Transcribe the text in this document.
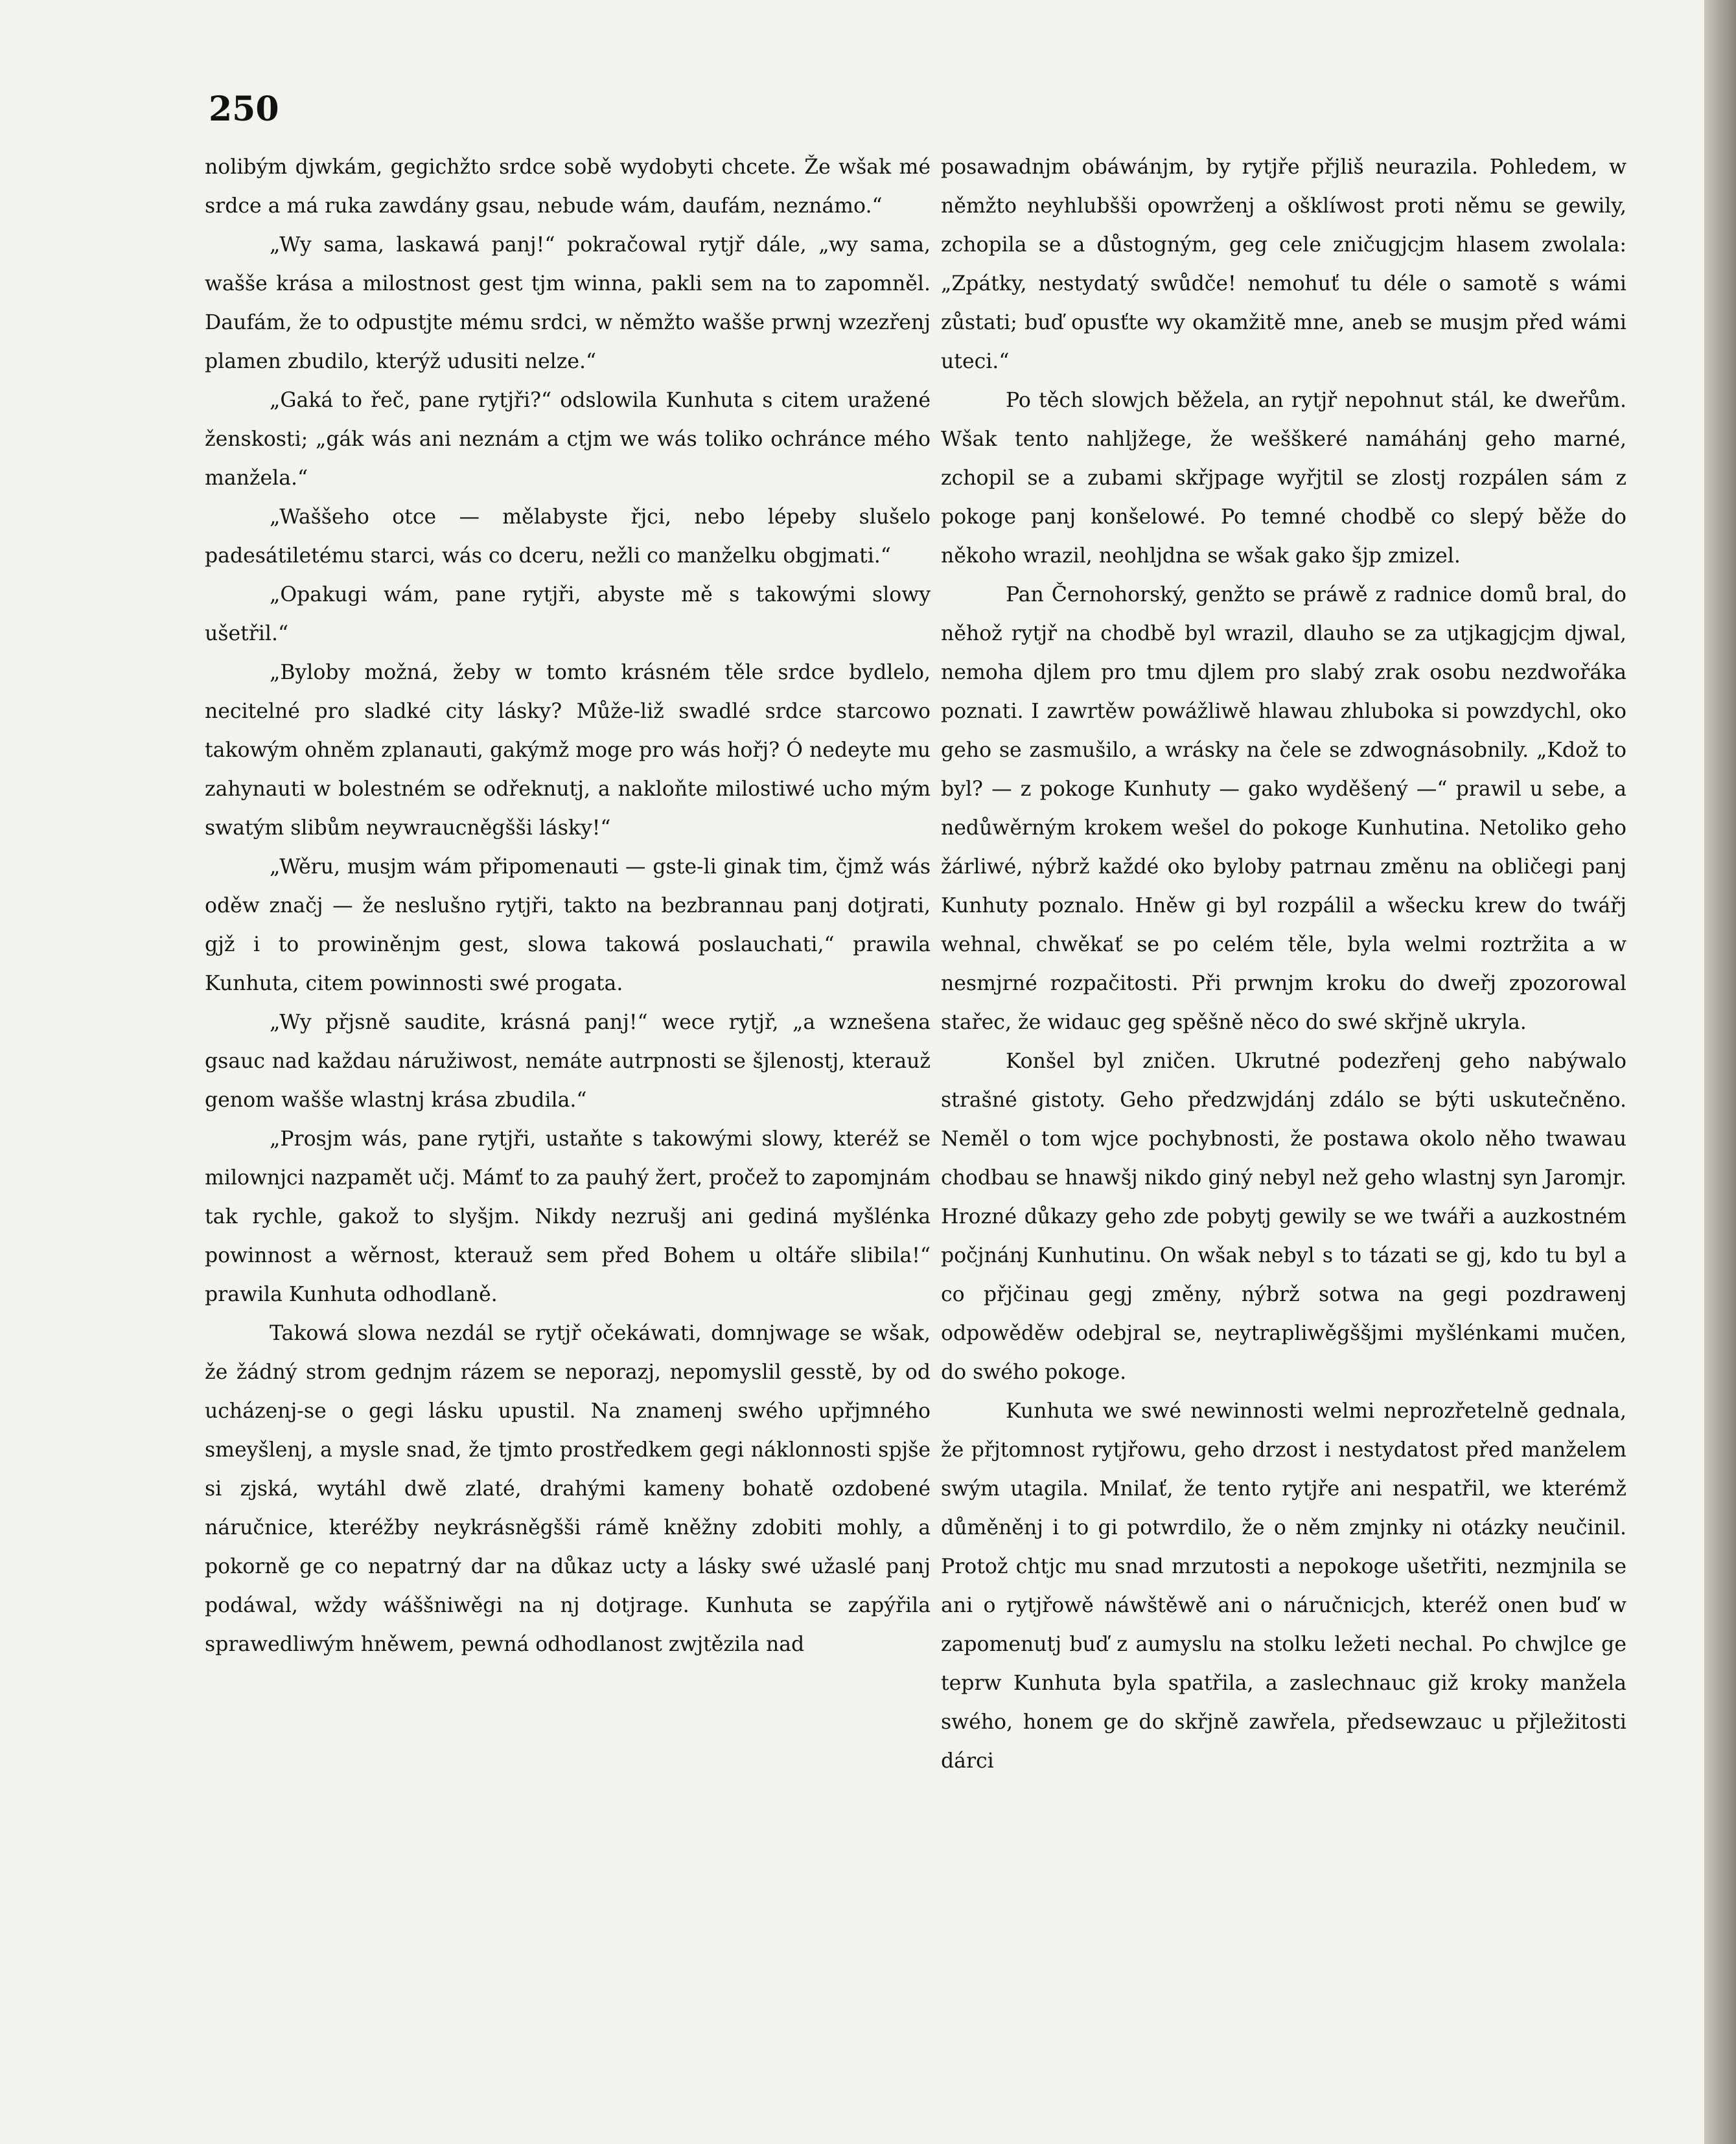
250

nolibým djwkám, gegichžto srdce sobě wydobyti chcete. Že wšak mé srdce a má ruka zawdány gsau, nebude wám, daufám, neznámo.“

„Wy sama, laskawá panj!“ pokračowal rytjř dále, „wy sama, wašše krása a milostnost gest tjm winna, pakli sem na to zapomněl. Daufám, že to odpustjte mému srdci, w němžto wašše prwnj wzezřenj plamen zbudilo, kterýž udusiti nelze.“

„Gaká to řeč, pane rytjři?“ odslowila Kunhuta s citem uražené ženskosti; „gák wás ani neznám a ctjm we wás toliko ochránce mého manžela.“

„Waššeho otce — mělabyste řjci, nebo lépeby slušelo padesátiletému starci, wás co dceru, nežli co manželku obgjmati.“

„Opakugi wám, pane rytjři, abyste mě s takowými slowy ušetřil.“

„Byloby možná, žeby w tomto krásném těle srdce bydlelo, necitelné pro sladké city lásky? Může-liž swadlé srdce starcowo takowým ohněm zplanauti, gakýmž moge pro wás hořj? Ó nedeyte mu zahynauti w bolestném se odřeknutj, a nakloňte milostiwé ucho mým swatým slibům neywraucněgšši lásky!“

„Wěru, musjm wám připomenauti — gste-li ginak tim, čjmž wás oděw značj — že neslušno rytjři, takto na bezbrannau panj dotjrati, gjž i to prowiněnjm gest, slowa takowá poslauchati,“ prawila Kunhuta, citem powinnosti swé progata.

„Wy přjsně saudite, krásná panj!“ wece rytjř, „a wznešena gsauc nad každau náružiwost, nemáte autrpnosti se šjlenostj, kterauž genom wašše wlastnj krása zbudila.“

„Prosjm wás, pane rytjři, ustaňte s takowými slowy, kteréž se milownjci nazpamět učj. Mámť to za pauhý žert, pročež to zapomjnám tak rychle, gakož to slyšjm. Nikdy nezrušj ani gediná myšlénka powinnost a wěrnost, kterauž sem před Bohem u oltáře slibila!“ prawila Kunhuta odhodlaně.

Takowá slowa nezdál se rytjř očekáwati, domnjwage se wšak, že žádný strom gednjm rázem se neporazj, nepomyslil gesstě, by od ucházenj-se o gegi lásku upustil. Na znamenj swého upřjmného smeyšlenj, a mysle snad, že tjmto prostředkem gegi náklonnosti spjše si zjská, wytáhl dwě zlaté, drahými kameny bohatě ozdobené náručnice, kteréžby neykrásněgšši rámě kněžny zdobiti mohly, a pokorně ge co nepatrný dar na důkaz ucty a lásky swé užaslé panj podáwal, wždy wáššniwěgi na nj dotjrage. Kunhuta se zapýřila sprawedliwým hněwem, pewná odhodlanost zwjtězila nad

posawadnjm obáwánjm, by rytjře přjliš neurazila. Pohledem, w němžto neyhlubšši opowrženj a ošklíwost proti němu se gewily, zchopila se a důstogným, geg cele zničugjcjm hlasem zwolala: „Zpátky, nestydatý swůdče! nemohuť tu déle o samotě s wámi zůstati; buď opusťte wy okamžitě mne, aneb se musjm před wámi uteci.“

Po těch slowjch běžela, an rytjř nepohnut stál, ke dweřům. Wšak tento nahljžege, že wešškeré namáhánj geho marné, zchopil se a zubami skřjpage wyřjtil se zlostj rozpálen sám z pokoge panj konšelowé. Po temné chodbě co slepý běže do někoho wrazil, neohljdna se wšak gako šjp zmizel.

Pan Černohorský, genžto se práwě z radnice domů bral, do něhož rytjř na chodbě byl wrazil, dlauho se za utjkagjcjm djwal, nemoha djlem pro tmu djlem pro slabý zrak osobu nezdwořáka poznati. I zawrtěw powážliwě hlawau zhluboka si powzdychl, oko geho se zasmušilo, a wrásky na čele se zdwognásobnily. „Kdož to byl? — z pokoge Kunhuty — gako wyděšený —“ prawil u sebe, a nedůwěrným krokem wešel do pokoge Kunhutina. Netoliko geho žárliwé, nýbrž každé oko byloby patrnau změnu na obličegi panj Kunhuty poznalo. Hněw gi byl rozpálil a wšecku krew do twářj wehnal, chwěkať se po celém těle, byla welmi roztržita a w nesmjrné rozpačitosti. Při prwnjm kroku do dweřj zpozorowal stařec, že widauc geg spěšně něco do swé skřjně ukryla.

Konšel byl zničen. Ukrutné podezřenj geho nabýwalo strašné gistoty. Geho předzwjdánj zdálo se býti uskutečněno. Neměl o tom wjce pochybnosti, že postawa okolo něho twawau chodbau se hnawšj nikdo giný nebyl než geho wlastnj syn Jaromjr. Hrozné důkazy geho zde pobytj gewily se we twáři a auzkostném počjnánj Kunhutinu. On wšak nebyl s to tázati se gj, kdo tu byl a co přjčinau gegj změny, nýbrž sotwa na gegi pozdrawenj odpowěděw odebjral se, neytrapliwěgššjmi myšlénkami mučen, do swého pokoge.

Kunhuta we swé newinnosti welmi neprozřetelně gednala, že přjtomnost rytjřowu, geho drzost i nestydatost před manželem swým utagila. Mnilať, že tento rytjře ani nespatřil, we kterémž důměněnj i to gi potwrdilo, že o něm zmjnky ni otázky neučinil. Protož chtjc mu snad mrzutosti a nepokoge ušetřiti, nezmjnila se ani o rytjřowě náwštěwě ani o náručnicjch, kteréž onen buď w zapomenutj buď z aumyslu na stolku ležeti nechal. Po chwjlce ge teprw Kunhuta byla spatřila, a zaslechnauc giž kroky manžela swého, honem ge do skřjně zawřela, předsewzauc u přjležitosti dárci
